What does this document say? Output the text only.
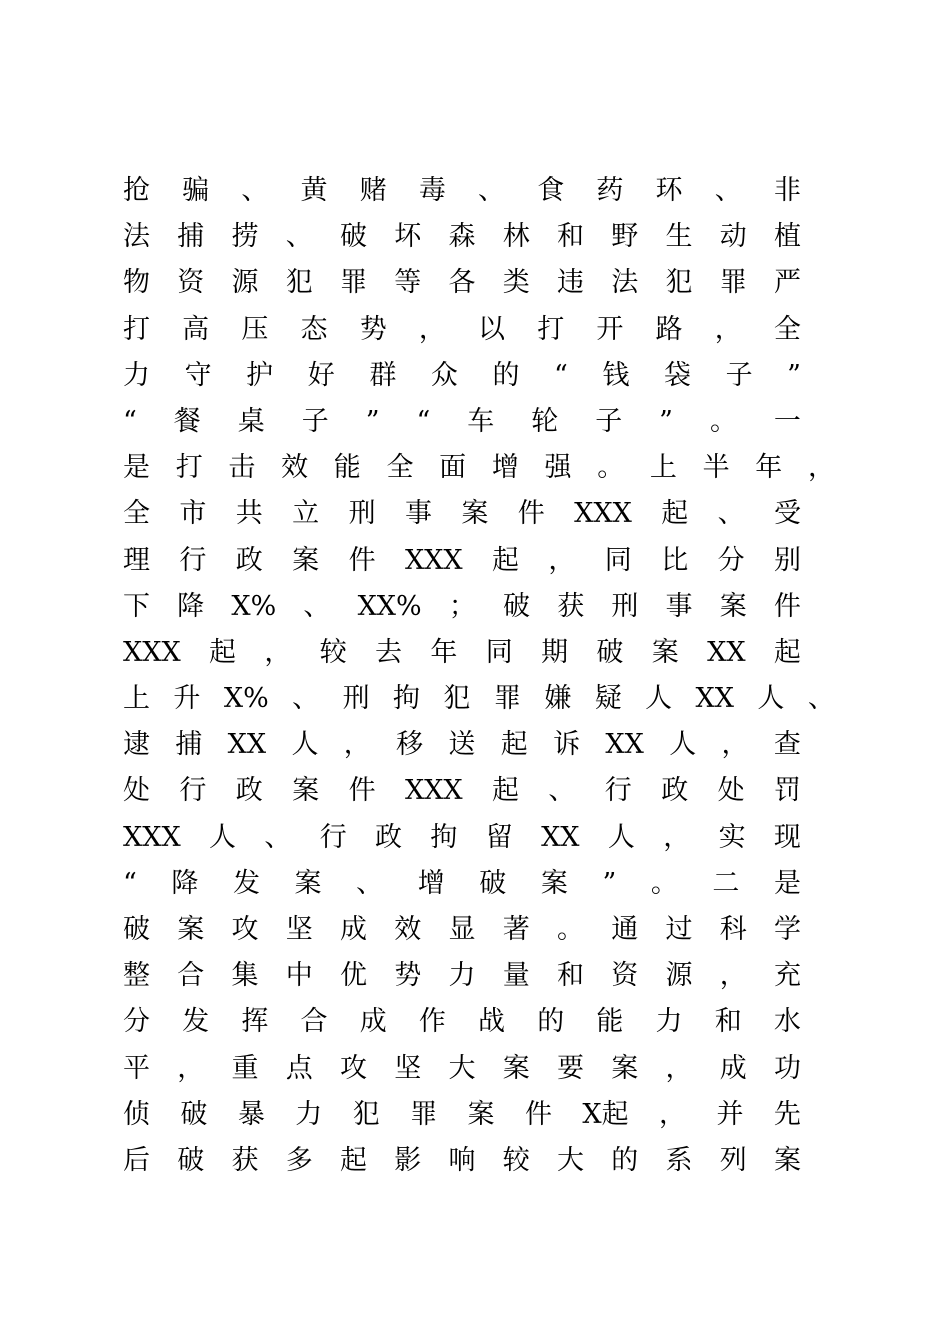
抢 骗 、 黄 赌 毒 、 食 药 环 、 非
法 捕 捞 、 破 坏 森 林 和 野 生 动 植
物 资 源 犯 罪 等 各 类 违 法 犯 罪 严
打 高 压 态 势 ， 以 打 开 路 ， 全
力 守 护 好 群 众 的 “ 钱 袋 子 ”
“ 餐 桌 子 ” “ 车 轮 子 ” 。 一
是 打 击 效 能 全 面 增 强 。 上 半 年 ，
全 市 共 立 刑 事 案 件 XXX 起 、 受
理 行 政 案 件 XXX 起 ， 同 比 分 别
下 降 X% 、 XX% ； 破 获 刑 事 案 件
XXX 起 ， 较 去 年 同 期 破 案 XX 起
上 升 X% 、 刑 拘 犯 罪 嫌 疑 人 XX 人 、
逮 捕 XX 人 ， 移 送 起 诉 XX 人 ， 查
处 行 政 案 件 XXX 起 、 行 政 处 罚
XXX 人 、 行 政 拘 留 XX 人 ， 实 现
“ 降 发 案 、 增 破 案 ” 。 二 是
破 案 攻 坚 成 效 显 著 。 通 过 科 学
整 合 集 中 优 势 力 量 和 资 源 ， 充
分 发 挥 合 成 作 战 的 能 力 和 水
平 ， 重 点 攻 坚 大 案 要 案 ， 成 功
侦 破 暴 力 犯 罪 案 件 X起 ， 并 先
后 破 获 多 起 影 响 较 大 的 系 列 案
